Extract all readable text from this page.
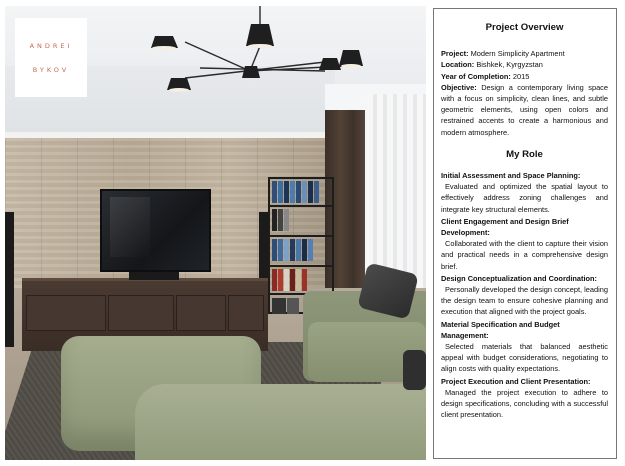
ANDREI
BYKOV
Project Overview
Project: Modern Simplicity Apartment
Location: Bishkek, Kyrgyzstan
Year of Completion: 2015
Objective: Design a contemporary living space with a focus on simplicity, clean lines, and subtle geometric elements, using open colors and restrained accents to create a harmonious and modern atmosphere.
My Role
Initial Assessment and Space Planning:
Evaluated and optimized the spatial layout to effectively address zoning challenges and integrate key structural elements.
Client Engagement and Design Brief Development:
Collaborated with the client to capture their vision and practical needs in a comprehensive design brief.
Design Conceptualization and Coordination:
Personally developed the design concept, leading the design team to ensure cohesive planning and execution that aligned with the project goals.
Material Specification and Budget Management:
Selected materials that balanced aesthetic appeal with budget considerations, negotiating to align costs with quality expectations.
Project Execution and Client Presentation:
Managed the project execution to adhere to design specifications, concluding with a successful client presentation.
